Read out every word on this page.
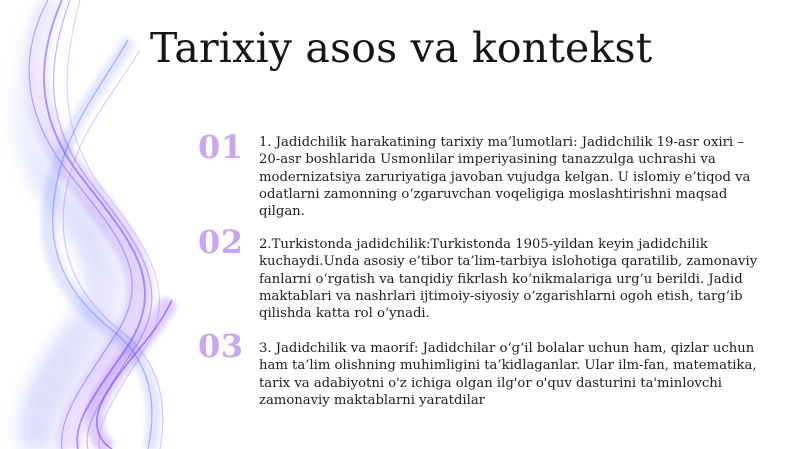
Tarixiy asos va kontekst
01	1. Jadidchilik harakatining tarixiy ma’lumotlari: Jadidchilik 19-asr oxiri – 20-asr boshlarida Usmonlilar imperiyasining tanazzulga uchrashi va modernizatsiya zaruriyatiga javoban vujudga kelgan. U islomiy e’tiqod va odatlarni zamonning o‘zgaruvchan voqeligiga moslashtirishni maqsad qilgan.
02	2.Turkistonda jadidchilik:Turkistonda 1905-yildan keyin jadidchilik kuchaydi.Unda asosiy e’tibor ta’lim-tarbiya islohotiga qaratilib, zamonaviy fanlarni o‘rgatish va tanqidiy fikrlash ko‘nikmalariga urg‘u berildi. Jadid maktablari va nashrlari ijtimoiy-siyosiy o‘zgarishlarni ogoh etish, targ‘ib qilishda katta rol o‘ynadi.
03	3. Jadidchilik va maorif: Jadidchilar o‘g‘il bolalar uchun ham, qizlar uchun ham ta’lim olishning muhimligini ta’kidlaganlar. Ular ilm-fan, matematika, tarix va adabiyotni o'z ichiga olgan ilg'or o'quv dasturini ta'minlovchi zamonaviy maktablarni yaratdilar
